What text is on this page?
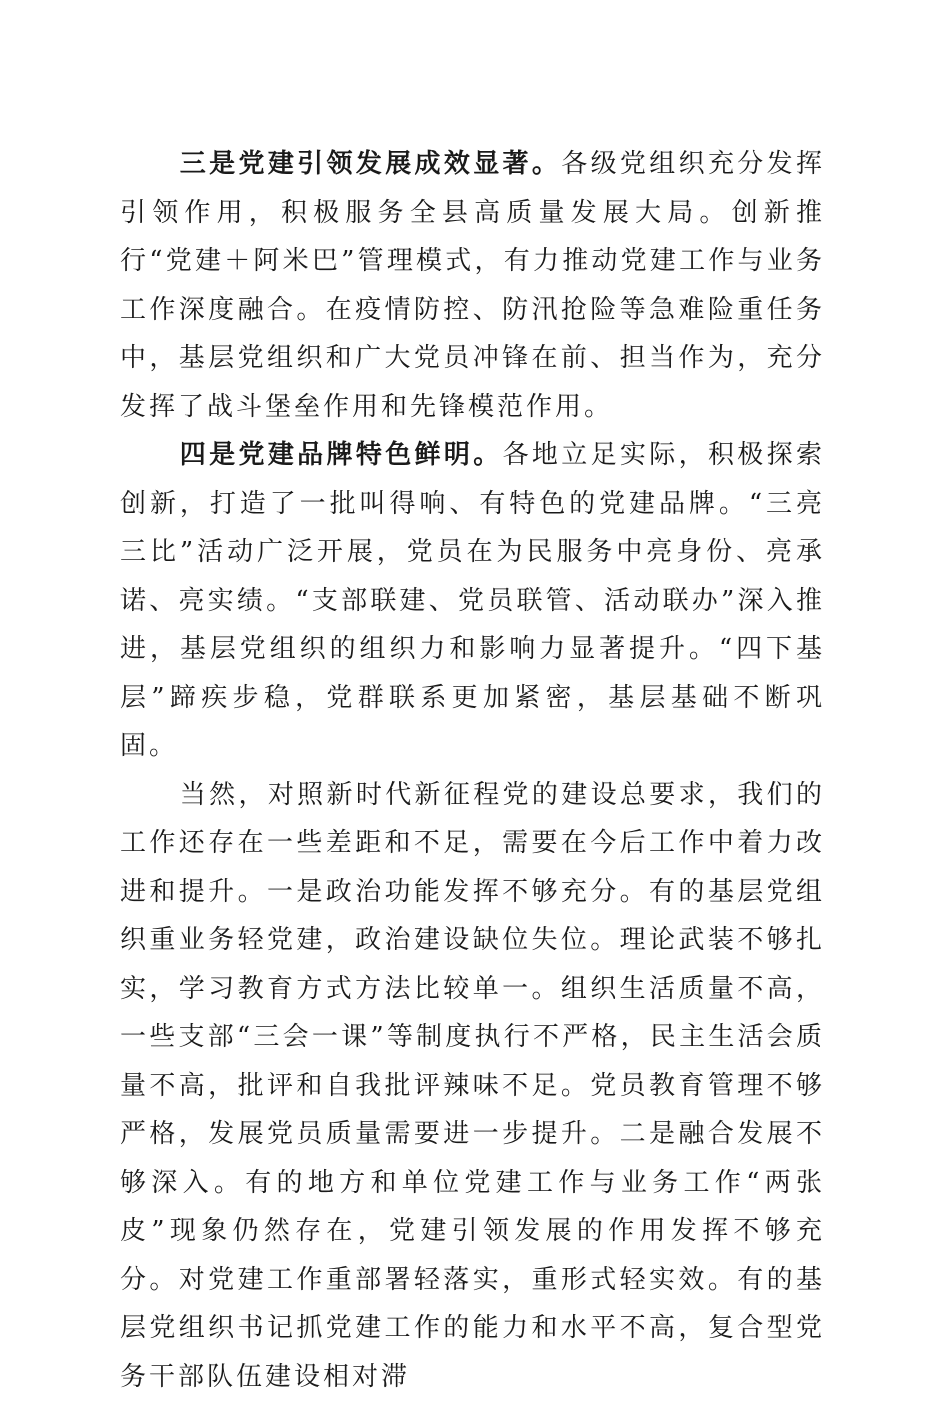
三是党建引领发展成效显著。各级党组织充分发挥引领作用，积极服务全县高质量发展大局。创新推行“党建＋阿米巴”管理模式，有力推动党建工作与业务工作深度融合。在疫情防控、防汛抢险等急难险重任务中，基层党组织和广大党员冲锋在前、担当作为，充分发挥了战斗堡垒作用和先锋模范作用。

四是党建品牌特色鲜明。各地立足实际，积极探索创新，打造了一批叫得响、有特色的党建品牌。“三亮三比”活动广泛开展，党员在为民服务中亮身份、亮承诺、亮实绩。“支部联建、党员联管、活动联办”深入推进，基层党组织的组织力和影响力显著提升。“四下基层”蹄疾步稳，党群联系更加紧密，基层基础不断巩固。

当然，对照新时代新征程党的建设总要求，我们的工作还存在一些差距和不足，需要在今后工作中着力改进和提升。一是政治功能发挥不够充分。有的基层党组织重业务轻党建，政治建设缺位失位。理论武装不够扎实，学习教育方式方法比较单一。组织生活质量不高，一些支部“三会一课”等制度执行不严格，民主生活会质量不高，批评和自我批评辣味不足。党员教育管理不够严格，发展党员质量需要进一步提升。二是融合发展不够深入。有的地方和单位党建工作与业务工作“两张皮”现象仍然存在，党建引领发展的作用发挥不够充分。对党建工作重部署轻落实，重形式轻实效。有的基层党组织书记抓党建工作的能力和水平不高，复合型党务干部队伍建设相对滞
